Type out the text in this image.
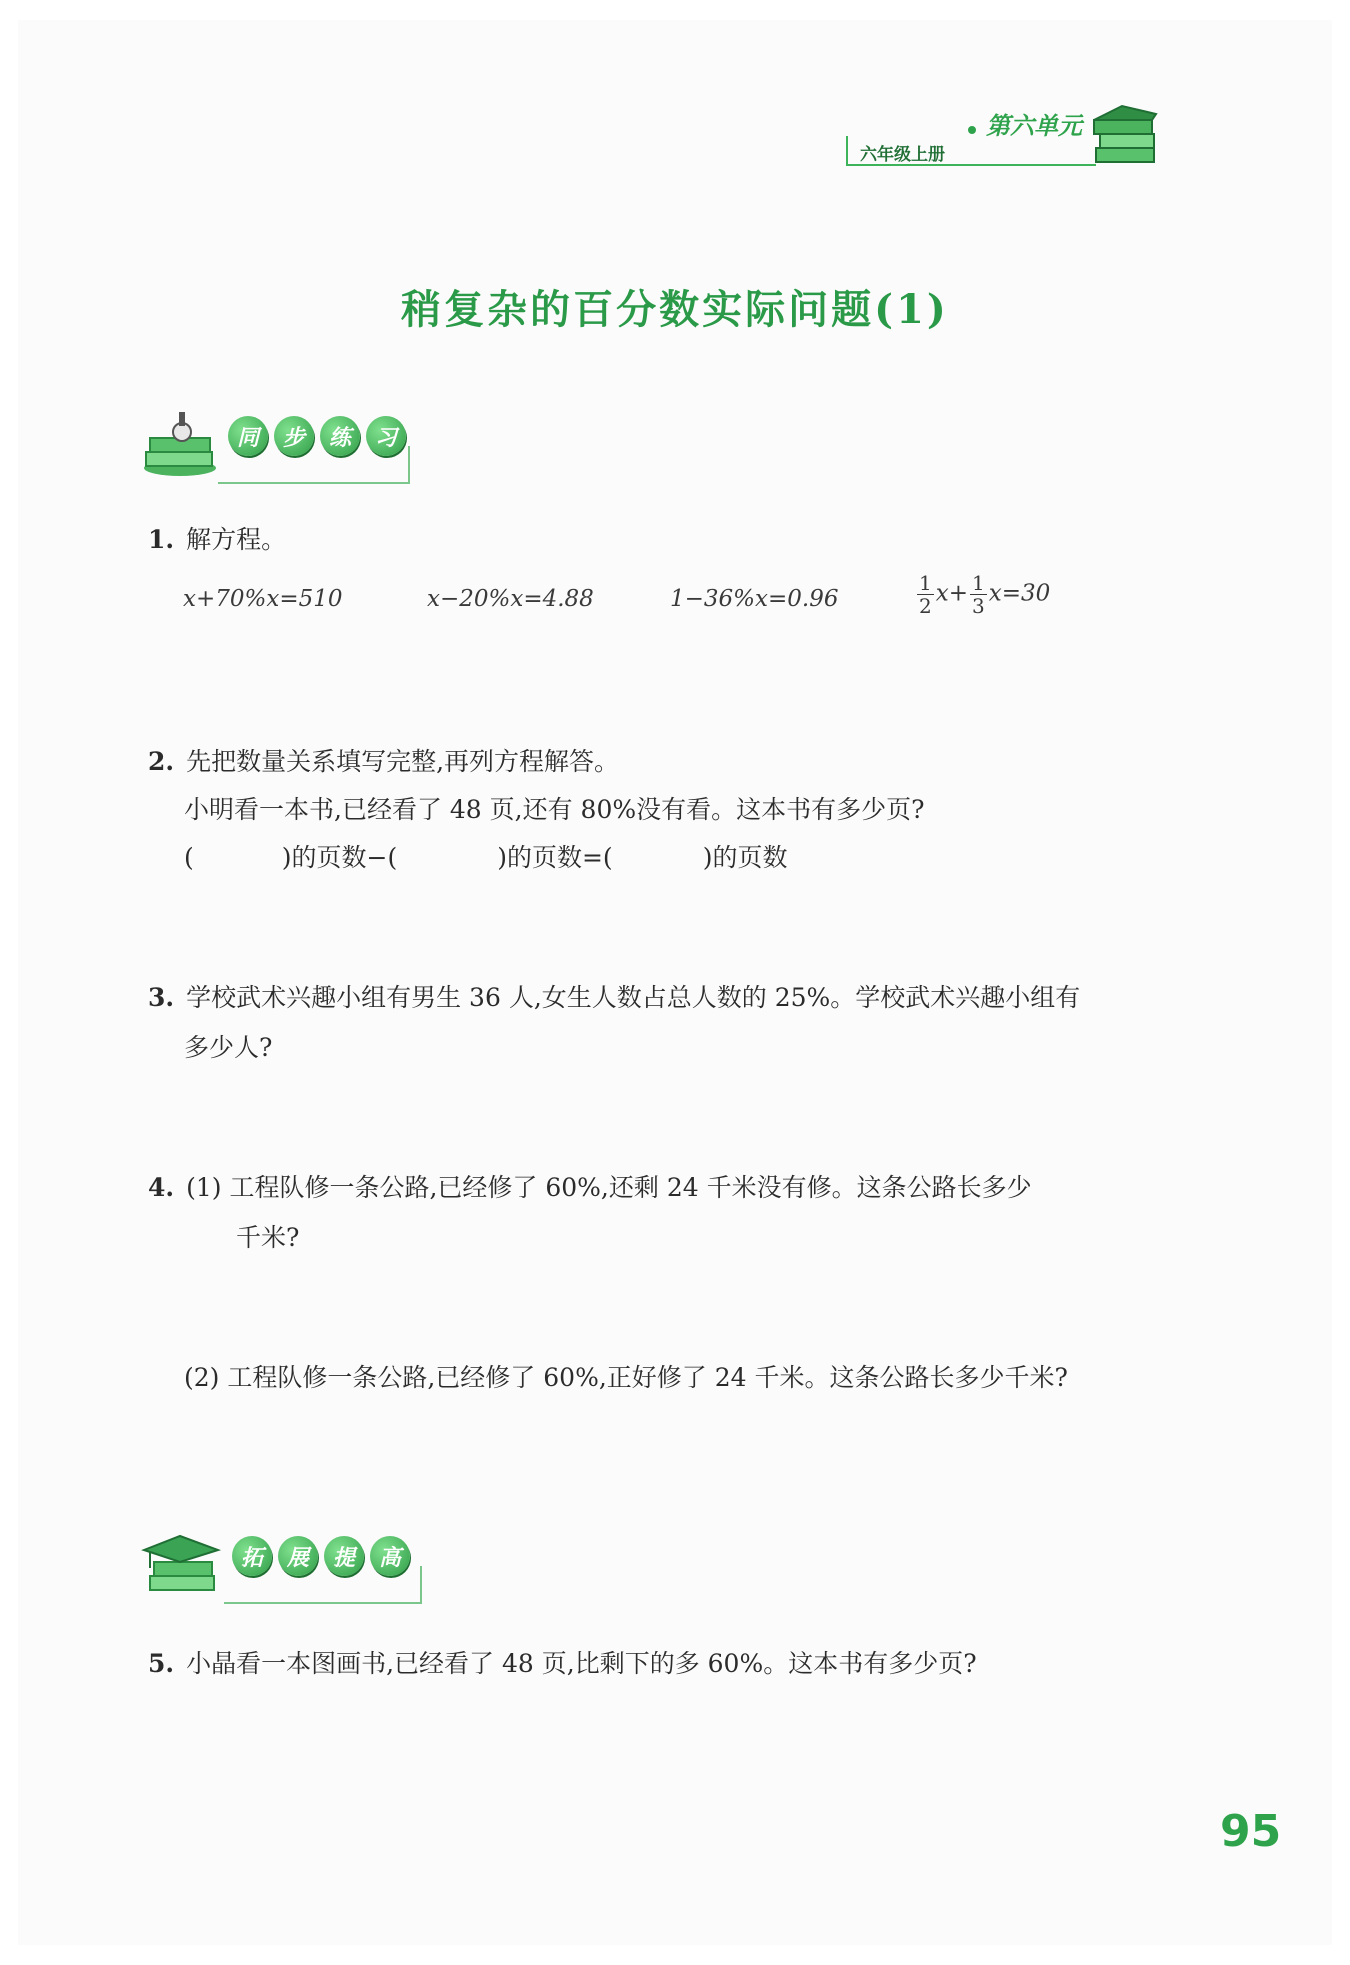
六年级上册
第六单元
稍复杂的百分数实际问题(1)
同	步	练	习
1. 解方程。
x+70%x=510	x−20%x=4.88	1−36%x=0.96	$\frac{1}{2} x+ \frac{1}{3} x=30$
2. 先把数量关系填写完整,再列方程解答。
小明看一本书,已经看了 48 页,还有 80%没有看。这本书有多少页?
(	)的页数−(	)的页数=(	)的页数
3. 学校武术兴趣小组有男生 36 人,女生人数占总人数的 25%。学校武术兴趣小组有
多少人?
4. (1) 工程队修一条公路,已经修了 60%,还剩 24 千米没有修。这条公路长多少
千米?
(2) 工程队修一条公路,已经修了 60%,正好修了 24 千米。这条公路长多少千米?
拓	展	提	高
5. 小晶看一本图画书,已经看了 48 页,比剩下的多 60%。这本书有多少页?
95
